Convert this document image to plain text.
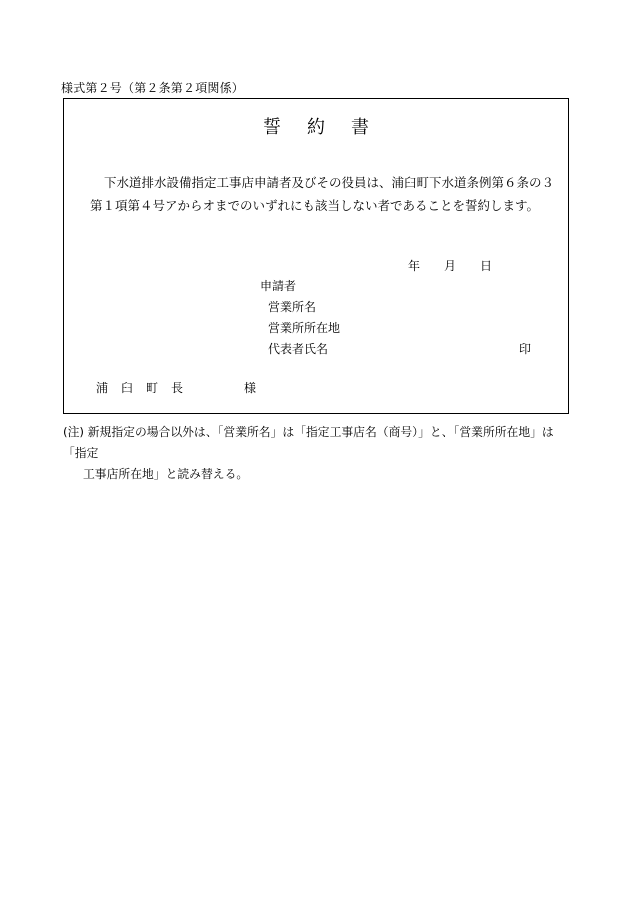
様式第２号（第２条第２項関係）
誓約書
下水道排水設備指定工事店申請者及びその役員は、浦臼町下水道条例第６条の３
第１項第４号アからオまでのいずれにも該当しない者であることを誓約します。
年 月 日
申請者
営業所名
営業所所在地
代表者氏名	印
浦臼町長	様
(注) 新規指定の場合以外は、「営業所名」は「指定工事店名（商号）」と、「営業所所在地」は「指定
工事店所在地」と読み替える。
